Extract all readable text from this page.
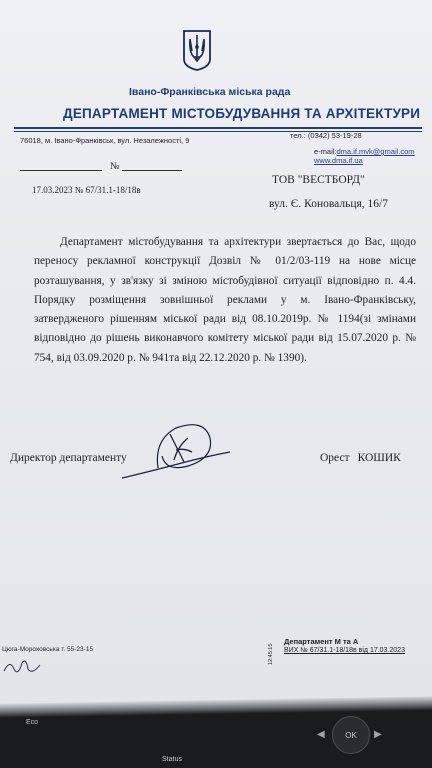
Івано-Франківська міська рада
ДЕПАРТАМЕНТ МІСТОБУДУВАННЯ ТА АРХІТЕКТУРИ
76018, м. Івано-Франківськ, вул. Незалежності, 9
тел.: (0342) 53-19-28
e-mail:dma.if.mvk@gmail.com
www.dma.if.ua
№
17.03.2023 № 67/31.1-18/18в
ТОВ "ВЕСТБОРД"
вул. Є. Коновальця, 16/7
Департамент містобудування та архітектури звертається до Вас, щодо переносу рекламної конструкції Дозвіл № 01/2/03-119 на нове місце розташування, у зв'язку зі зміною містобудівної ситуації відповідно п. 4.4. Порядку розміщення зовнішньої реклами у м. Івано-Франківську, затвердженого рішенням міської ради від 08.10.2019р. № 1194(зі змінами відповідно до рішень виконавчого комітету міської ради від 15.07.2020 р. № 754, від 03.09.2020 р. № 941та від 22.12.2020 р. № 1390).
Директор департаменту	Орест КОШИК
Цюга-Мороховська т. 55-23-15
Департамент М та А
ВИХ № 67/31.1-18/18в від 17.03.2023
12:45:15
Eco
Status
OK
◀	▶
